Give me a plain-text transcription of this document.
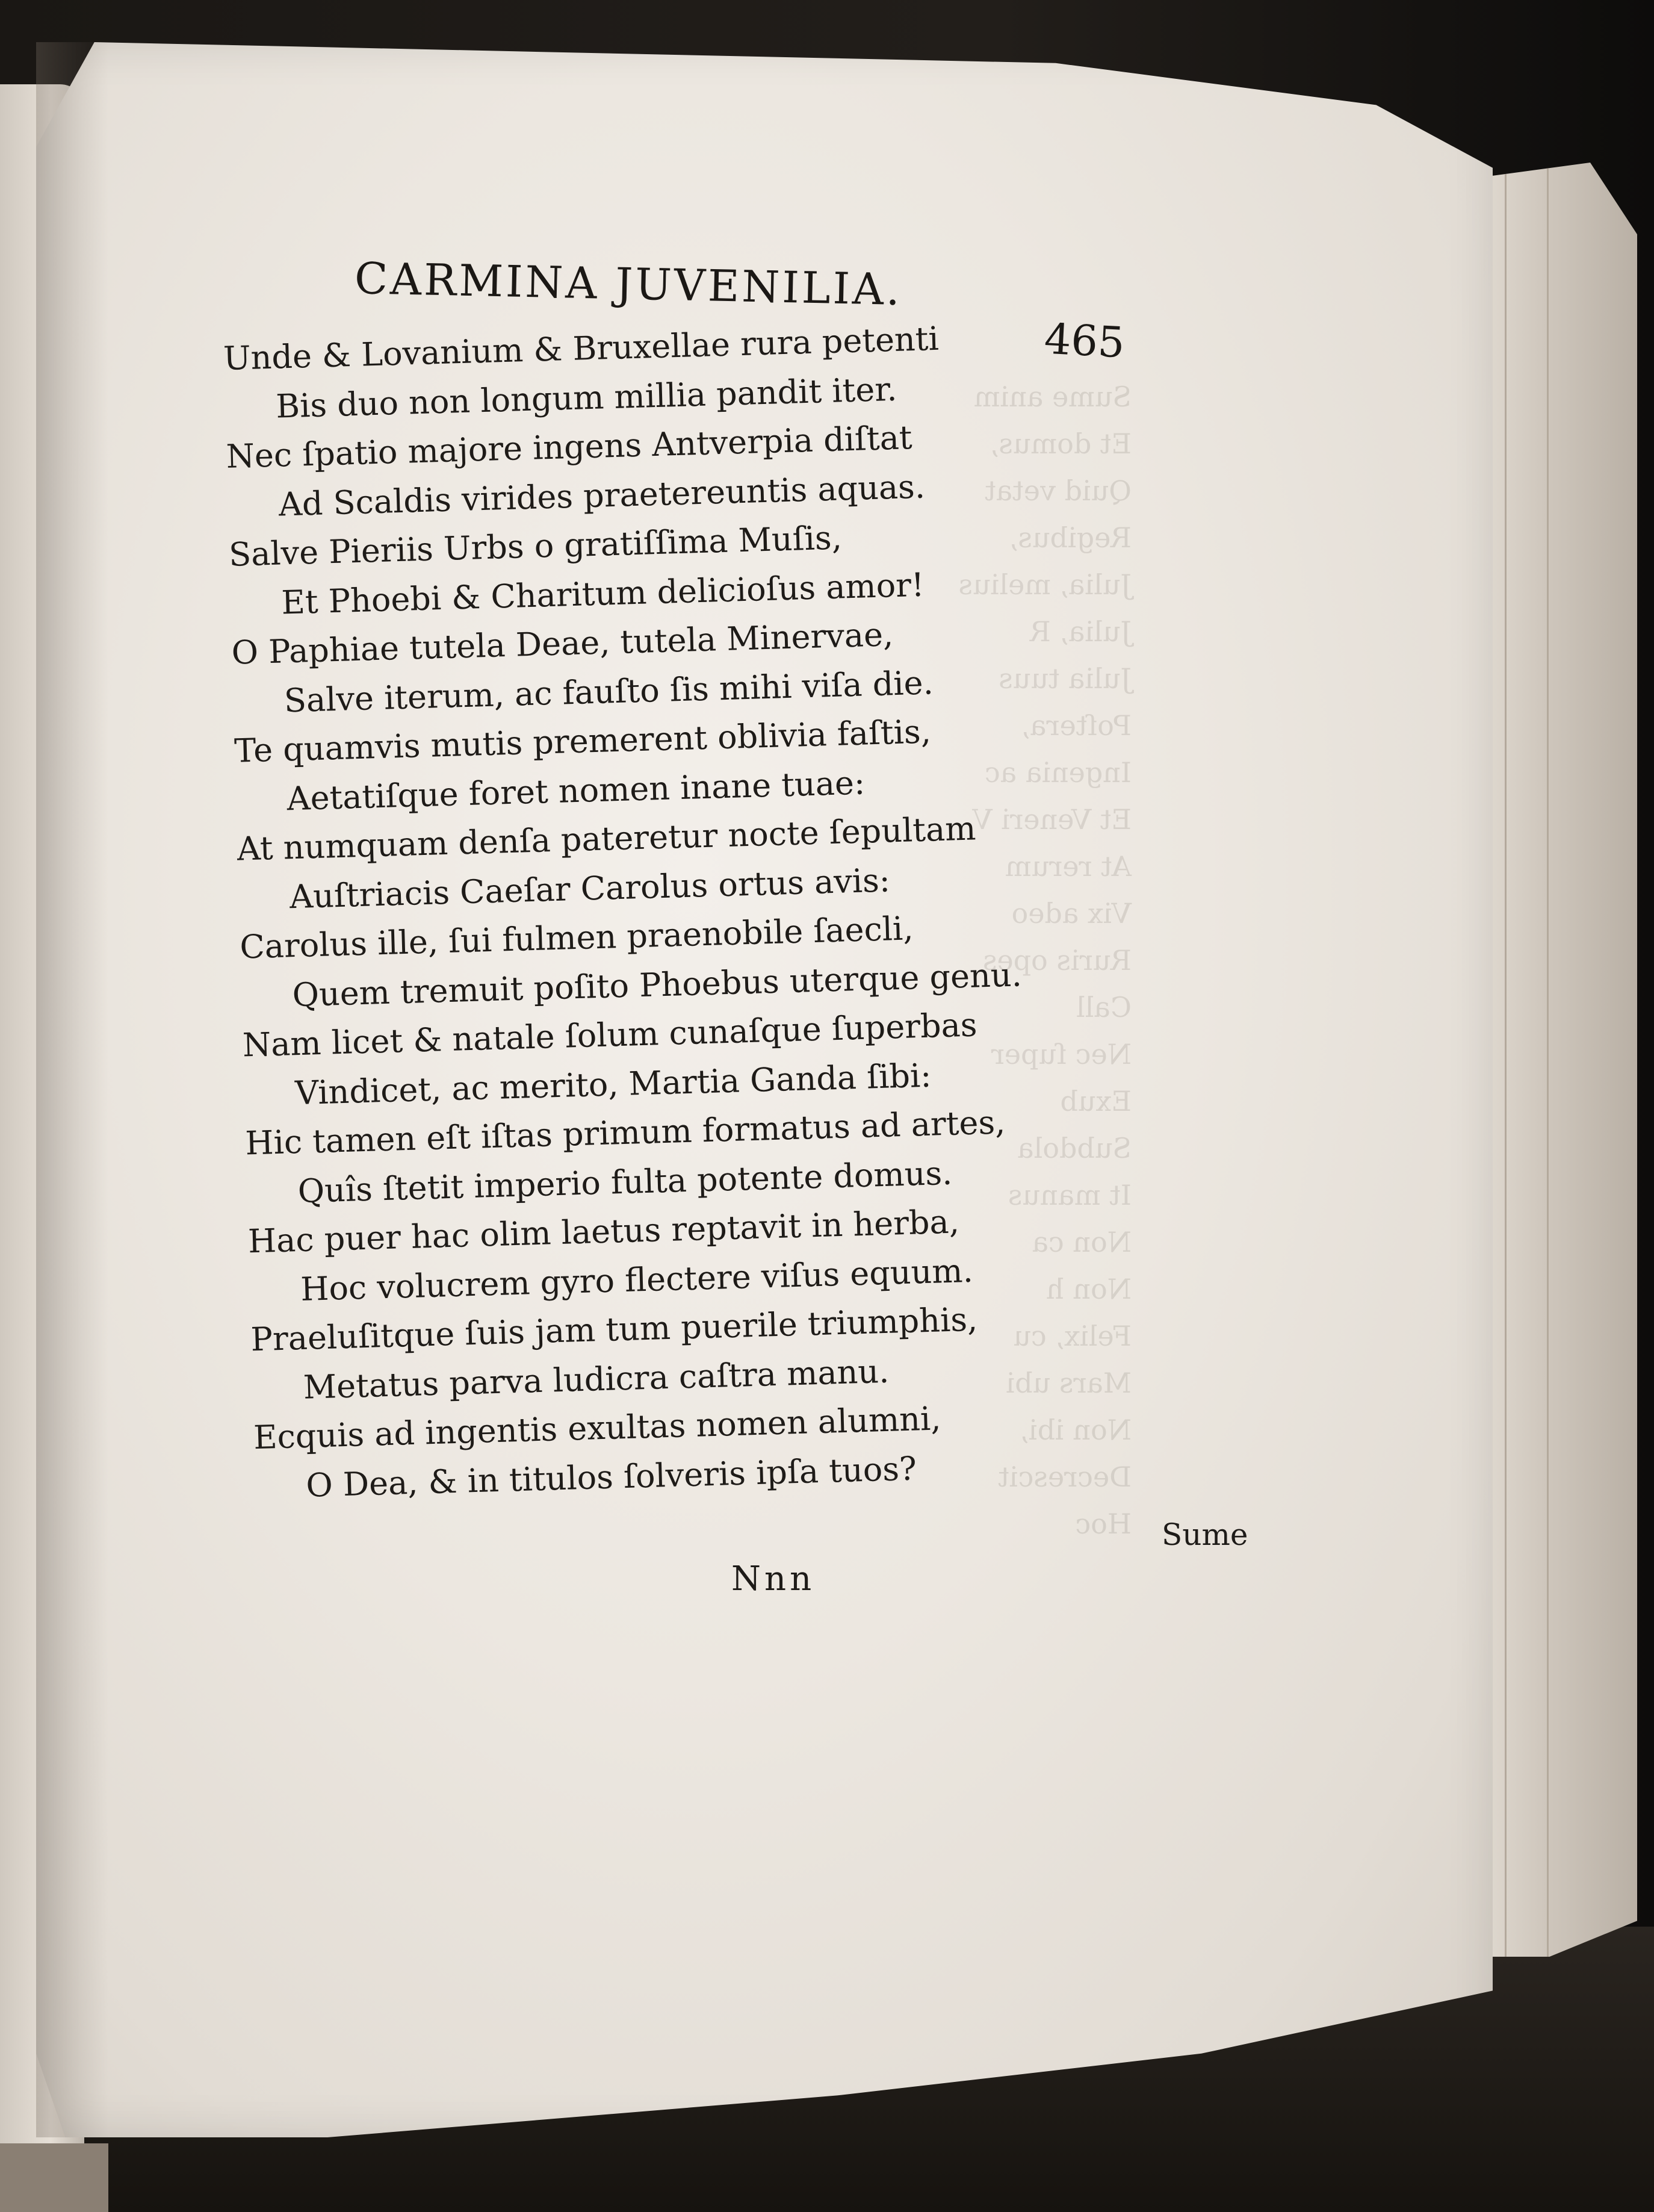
Sume anim
Et domus,
Quid vetat
Regibus,
Julia, melius
Julia, R
Julia tuus
Poſtera,
Ingenia ac
Et Veneri V
At rerum
Vix adeo
Ruris opes
Call
Nec ſuper
Exub
Subdola
It manus
Non ca
Non h
Felix, cu
Mars ubi
Non ibi,
Decrescit
Hoc
CARMINA JUVENILIA.
465
Unde & Lovanium & Bruxellae rura petenti
Bis duo non longum millia pandit iter.
Nec ſpatio majore ingens Antverpia diſtat
Ad Scaldis virides praetereuntis aquas.
Salve Pieriis Urbs o gratiſſima Muſis,
Et Phoebi & Charitum delicioſus amor!
O Paphiae tutela Deae, tutela Minervae,
Salve iterum, ac fauſto ſis mihi viſa die.
Te quamvis mutis premerent oblivia faſtis,
Aetatiſque foret nomen inane tuae:
At numquam denſa pateretur nocte ſepultam
Auſtriacis Caeſar Carolus ortus avis:
Carolus ille, ſui fulmen praenobile ſaecli,
Quem tremuit poſito Phoebus uterque genu.
Nam licet & natale ſolum cunaſque ſuperbas
Vindicet, ac merito, Martia Ganda ſibi:
Hic tamen eſt iſtas primum formatus ad artes,
Quîs ſtetit imperio fulta potente domus.
Hac puer hac olim laetus reptavit in herba,
Hoc volucrem gyro flectere viſus equum.
Praeluſitque ſuis jam tum puerile triumphis,
Metatus parva ludicra caſtra manu.
Ecquis ad ingentis exultas nomen alumni,
O Dea, & in titulos ſolveris ipſa tuos?
Nnn
Sume
